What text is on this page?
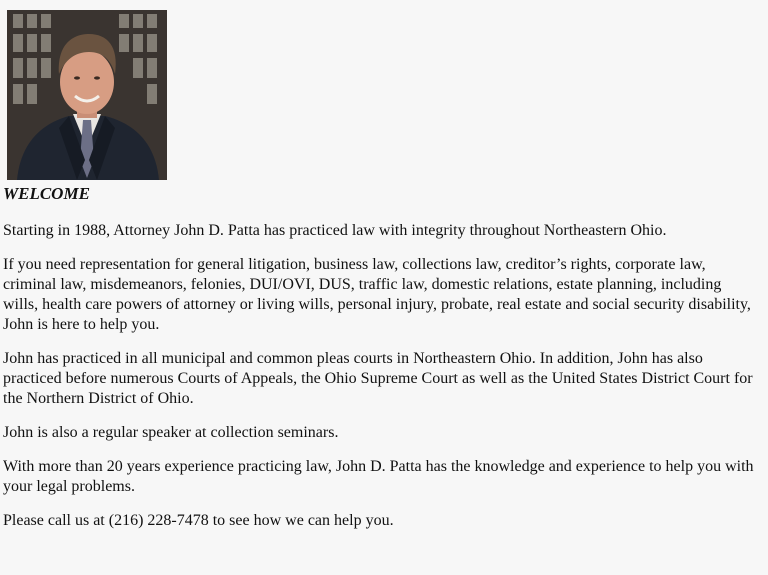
WELCOME

Starting in 1988, Attorney John D. Patta has practiced law with integrity throughout Northeastern Ohio.

If you need representation for general litigation, business law, collections law, creditor’s rights, corporate law, criminal law, misdemeanors, felonies, DUI/OVI, DUS, traffic law, domestic relations, estate planning, including wills, health care powers of attorney or living wills, personal injury, probate, real estate and social security disability, John is here to help you.

John has practiced in all municipal and common pleas courts in Northeastern Ohio. In addition, John has also practiced before numerous Courts of Appeals, the Ohio Supreme Court as well as the United States District Court for the Northern District of Ohio.

John is also a regular speaker at collection seminars.

With more than 20 years experience practicing law, John D. Patta has the knowledge and experience to help you with your legal problems.

Please call us at (216) 228-7478 to see how we can help you.
